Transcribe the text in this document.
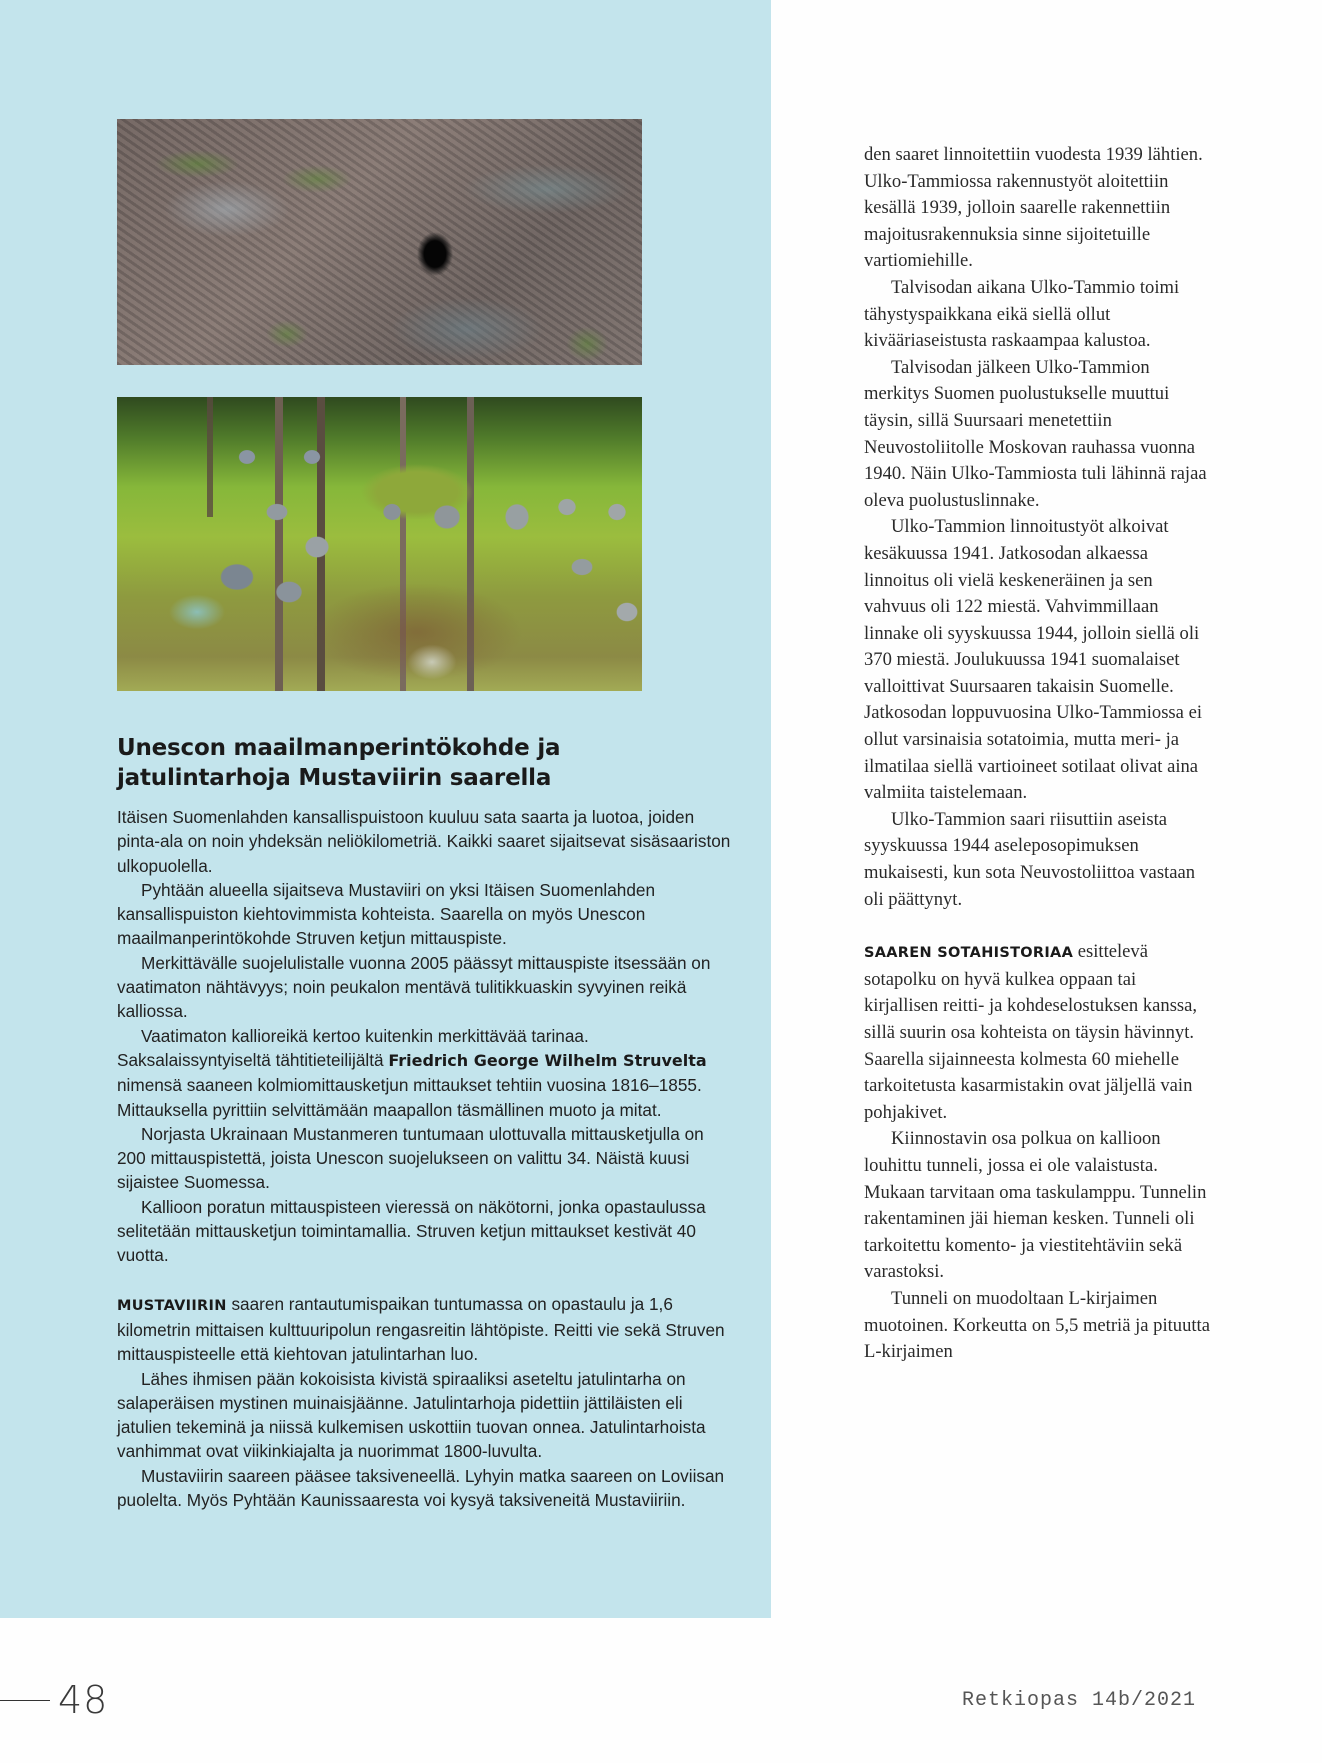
Unescon maailmanperintökohde ja
jatulintarhoja Mustaviirin saarella

Itäisen Suomenlahden kansallispuistoon kuuluu sata saarta ja luotoa, joiden pinta-ala on noin yhdeksän neliökilometriä. Kaikki saaret sijaitsevat sisäsaariston ulkopuolella.

Pyhtään alueella sijaitseva Mustaviiri on yksi Itäisen Suomenlahden kansallispuiston kiehtovimmista kohteista. Saarella on myös Unescon maailmanperintökohde Struven ketjun mittauspiste.

Merkittävälle suojelulistalle vuonna 2005 päässyt mittauspiste itsessään on vaatimaton nähtävyys; noin peukalon mentävä tulitikkuaskin syvyinen reikä kalliossa.

Vaatimaton kallioreikä kertoo kuitenkin merkittävää tarinaa. Saksalaissyntyiseltä tähtitieteilijältä Friedrich George Wilhelm Struvelta nimensä saaneen kolmiomittausketjun mittaukset tehtiin vuosina 1816–1855. Mittauksella pyrittiin selvittämään maapallon täsmällinen muoto ja mitat.

Norjasta Ukrainaan Mustanmeren tuntumaan ulottuvalla mittausketjulla on 200 mittauspistettä, joista Unescon suojelukseen on valittu 34. Näistä kuusi sijaistee Suomessa.

Kallioon poratun mittauspisteen vieressä on näkötorni, jonka opastaulussa selitetään mittausketjun toimintamallia. Struven ketjun mittaukset kestivät 40 vuotta.

MUSTAVIIRIN saaren rantautumispaikan tuntumassa on opastaulu ja 1,6 kilometrin mittaisen kulttuuripolun rengasreitin lähtöpiste. Reitti vie sekä Struven mittauspisteelle että kiehtovan jatulintarhan luo.

Lähes ihmisen pään kokoisista kivistä spiraaliksi aseteltu jatulintarha on salaperäisen mystinen muinaisjäänne. Jatulintarhoja pidettiin jättiläisten eli jatulien tekeminä ja niissä kulkemisen uskottiin tuovan onnea. Jatulintarhoista vanhimmat ovat viikinkiajalta ja nuorimmat 1800-luvulta.

Mustaviirin saareen pääsee taksiveneellä. Lyhyin matka saareen on Loviisan puolelta. Myös Pyhtään Kaunissaaresta voi kysyä taksiveneitä Mustaviiriin.

den saaret linnoitettiin vuodesta 1939 lähtien. Ulko-Tammiossa rakennustyöt aloitettiin kesällä 1939, jolloin saarelle rakennettiin majoitusrakennuksia sinne sijoitetuille vartiomiehille.

Talvisodan aikana Ulko-Tammio toimi tähystyspaikkana eikä siellä ollut kivääriaseistusta raskaampaa kalustoa.

Talvisodan jälkeen Ulko-Tammion merkitys Suomen puolustukselle muuttui täysin, sillä Suursaari menetettiin Neuvostoliitolle Moskovan rauhassa vuonna 1940. Näin Ulko-Tammiosta tuli lähinnä rajaa oleva puolustuslinnake.

Ulko-Tammion linnoitustyöt alkoivat kesäkuussa 1941. Jatkosodan alkaessa linnoitus oli vielä keskeneräinen ja sen vahvuus oli 122 miestä. Vahvimmillaan linnake oli syyskuussa 1944, jolloin siellä oli 370 miestä. Joulukuussa 1941 suomalaiset valloittivat Suursaaren takaisin Suomelle. Jatkosodan loppuvuosina Ulko-Tammiossa ei ollut varsinaisia sotatoimia, mutta meri- ja ilmatilaa siellä vartioineet sotilaat olivat aina valmiita taistelemaan.

Ulko-Tammion saari riisuttiin aseista syyskuussa 1944 aseleposopimuksen mukaisesti, kun sota Neuvostoliittoa vastaan oli päättynyt.

SAAREN SOTAHISTORIAA esittelevä sotapolku on hyvä kulkea oppaan tai kirjallisen reitti- ja kohdeselostuksen kanssa, sillä suurin osa kohteista on täysin hävinnyt. Saarella sijainneesta kolmesta 60 miehelle tarkoitetusta kasarmistakin ovat jäljellä vain pohjakivet.

Kiinnostavin osa polkua on kallioon louhittu tunneli, jossa ei ole valaistusta. Mukaan tarvitaan oma taskulamppu. Tunnelin rakentaminen jäi hieman kesken. Tunneli oli tarkoitettu komento- ja viestitehtäviin sekä varastoksi.

Tunneli on muodoltaan L-kirjaimen muotoinen. Korkeutta on 5,5 metriä ja pituutta L-kirjaimen

48	Retkiopas 14b/2021
